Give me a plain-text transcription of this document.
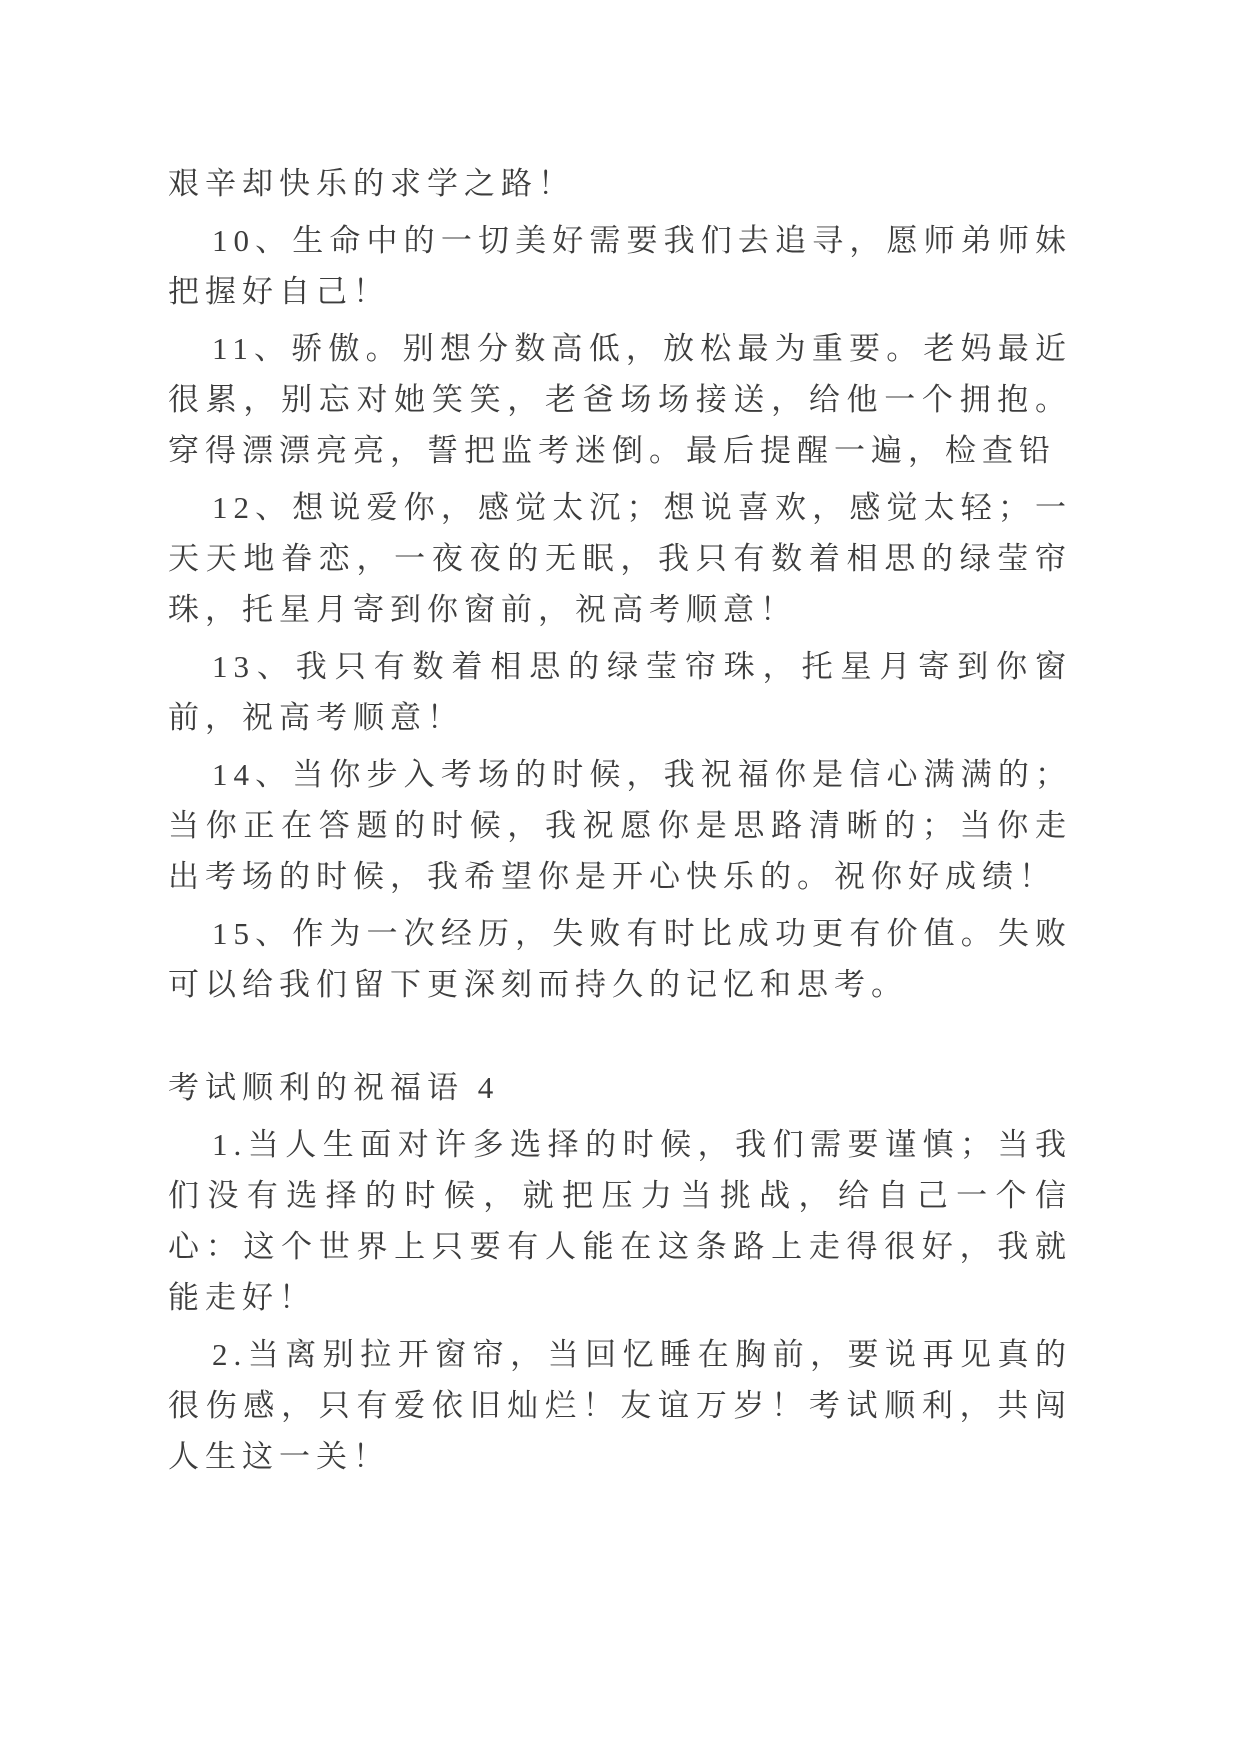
艰辛却快乐的求学之路！

10、生命中的一切美好需要我们去追寻，愿师弟师妹把握好自己！

11、骄傲。别想分数高低，放松最为重要。老妈最近很累，别忘对她笑笑，老爸场场接送，给他一个拥抱。穿得漂漂亮亮，誓把监考迷倒。最后提醒一遍，检查铅

12、想说爱你，感觉太沉；想说喜欢，感觉太轻；一天天地眷恋，一夜夜的无眠，我只有数着相思的绿莹帘珠，托星月寄到你窗前，祝高考顺意！

13、我只有数着相思的绿莹帘珠，托星月寄到你窗前，祝高考顺意！

14、当你步入考场的时候，我祝福你是信心满满的；当你正在答题的时候，我祝愿你是思路清晰的；当你走出考场的时候，我希望你是开心快乐的。祝你好成绩！

15、作为一次经历，失败有时比成功更有价值。失败可以给我们留下更深刻而持久的记忆和思考。

考试顺利的祝福语 4

1.当人生面对许多选择的时候，我们需要谨慎；当我们没有选择的时候，就把压力当挑战，给自己一个信心：这个世界上只要有人能在这条路上走得很好，我就能走好！

2.当离别拉开窗帘，当回忆睡在胸前，要说再见真的很伤感，只有爱依旧灿烂！友谊万岁！考试顺利，共闯人生这一关！
